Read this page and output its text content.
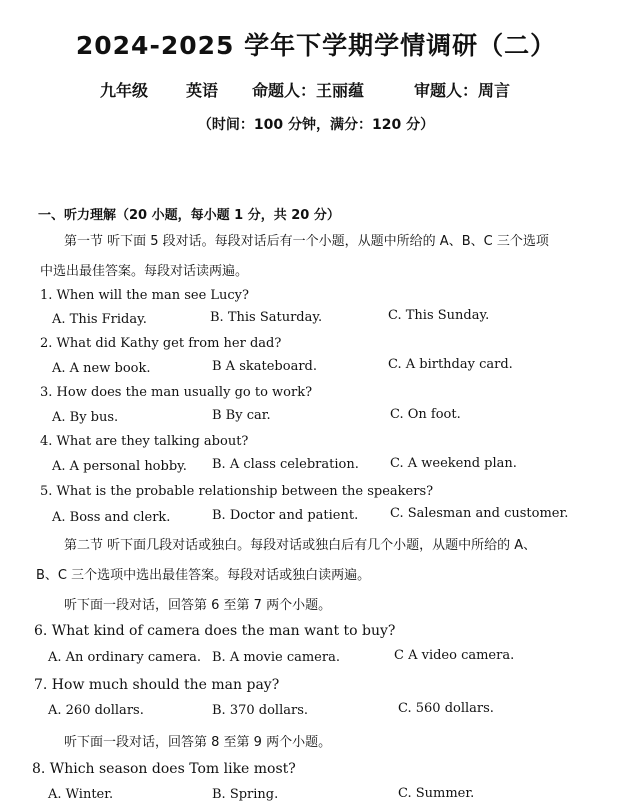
2024-2025 学年下学期学情调研（二）
九年级 英语 命题人：王丽蕴	审题人：周言
（时间：100 分钟，满分：120 分）
一、听力理解（20 小题，每小题 1 分，共 20 分）
第一节 听下面 5 段对话。每段对话后有一个小题，从题中所给的 A、B、C 三个选项
中选出最佳答案。每段对话读两遍。
1. When will the man see Lucy?
A. This Friday.	B. This Saturday.	C. This Sunday.
2. What did Kathy get from her dad?
A. A new book.	B A skateboard.	C. A birthday card.
3. How does the man usually go to work?
A. By bus.	B By car.	C. On foot.
4. What are they talking about?
A. A personal hobby. B. A class celebration. C. A weekend plan.
5. What is the probable relationship between the speakers?
A. Boss and clerk.	B. Doctor and patient. C. Salesman and customer.
第二节 听下面几段对话或独白。每段对话或独白后有几个小题，从题中所给的 A、
B、C 三个选项中选出最佳答案。每段对话或独白读两遍。
听下面一段对话，回答第 6 至第 7 两个小题。
6. What kind of camera does the man want to buy?
A. An ordinary camera. B. A movie camera.	C A video camera.
7. How much should the man pay?
A. 260 dollars.	B. 370 dollars.	C. 560 dollars.
听下面一段对话，回答第 8 至第 9 两个小题。
8. Which season does Tom like most?
A. Winter.	B. Spring.	C. Summer.
